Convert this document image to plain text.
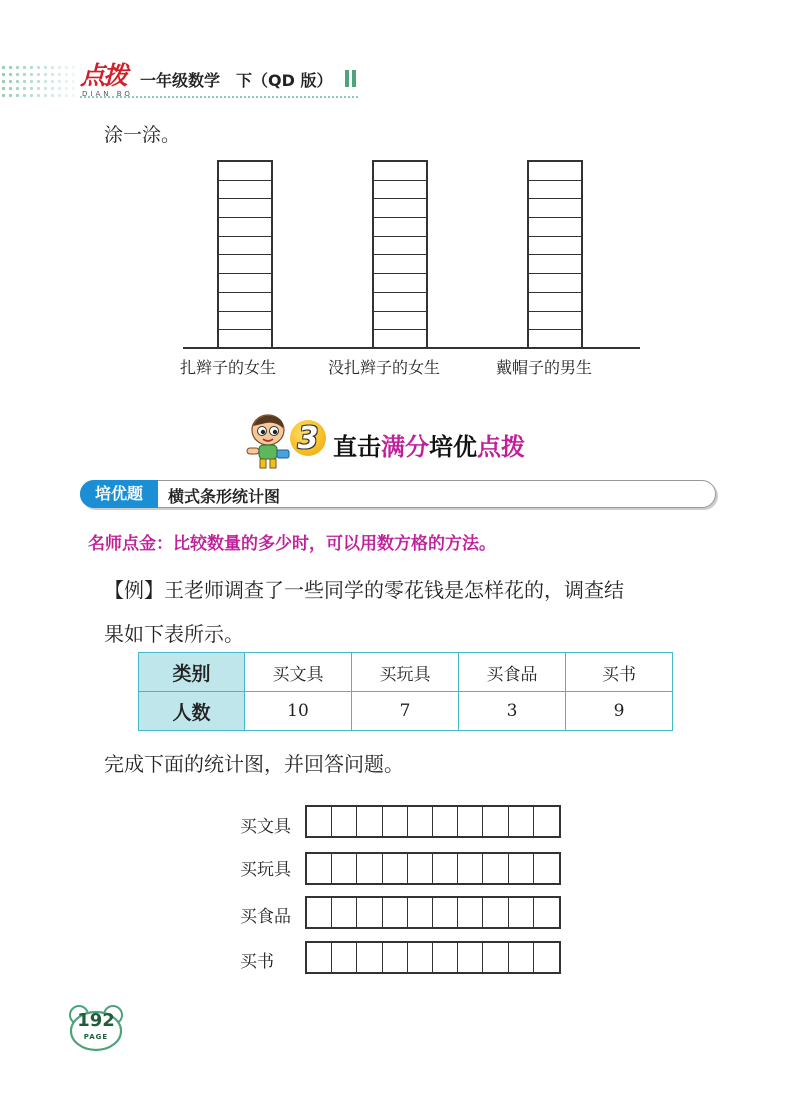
点拨
DIAN BO
一年级数学　下（QD 版）
涂一涂。
扎辫子的女生	没扎辫子的女生	戴帽子的男生
3 直击满分培优点拨
培优题	横式条形统计图
名师点金：比较数量的多少时，可以用数方格的方法。
【例】王老师调查了一些同学的零花钱是怎样花的，调查结
果如下表所示。
类别	买文具	买玩具	买食品	买书
人数	10	7	3	9
完成下面的统计图，并回答问题。
买文具
买玩具
买食品
买书
192
PAGE
